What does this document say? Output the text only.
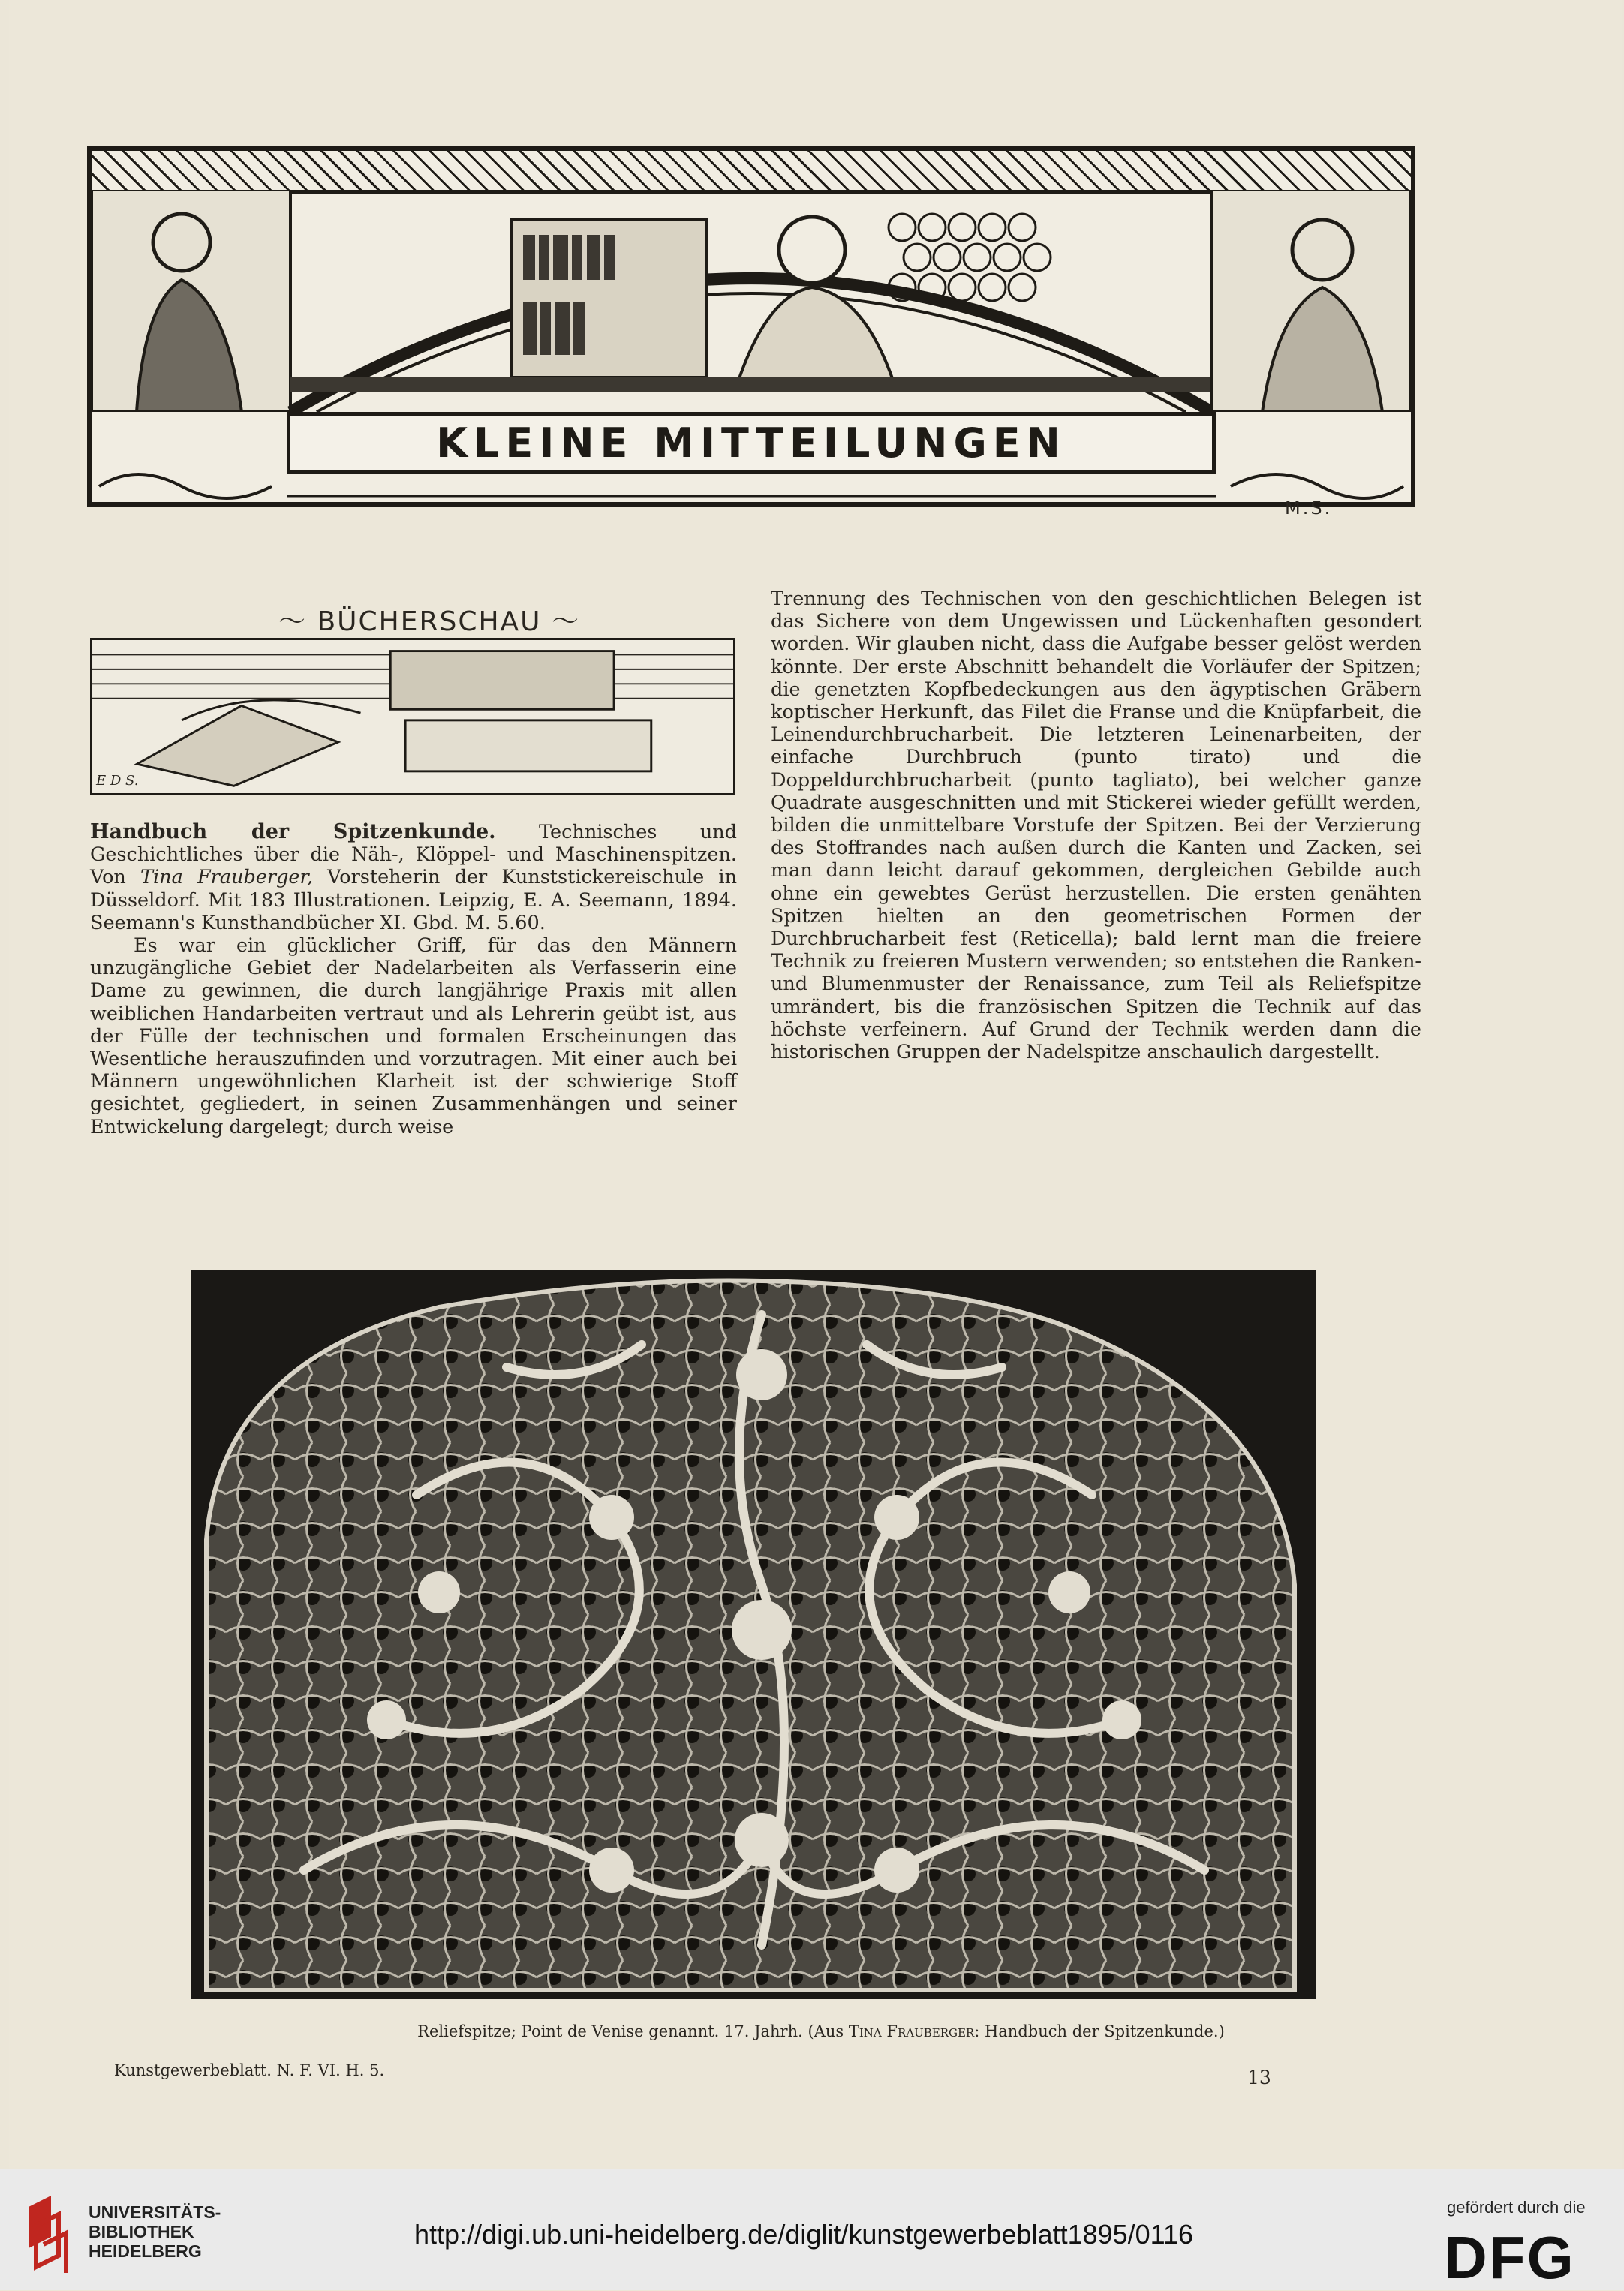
KLEINE MITTEILUNGEN
M.S.
〜 BÜCHERSCHAU 〜
E D S.

Handbuch der Spitzenkunde. Technisches und Geschichtliches über die Näh-, Klöppel- und Maschinenspitzen. Von Tina Frauberger, Vorsteherin der Kunststickereischule in Düsseldorf. Mit 183 Illustrationen. Leipzig, E. A. Seemann, 1894. Seemann's Kunsthandbücher XI. Gbd. M. 5.60.

Es war ein glücklicher Griff, für das den Männern unzugängliche Gebiet der Nadelarbeiten als Verfasserin eine Dame zu gewinnen, die durch langjährige Praxis mit allen weiblichen Handarbeiten vertraut und als Lehrerin geübt ist, aus der Fülle der technischen und formalen Erscheinungen das Wesentliche herauszufinden und vorzutragen. Mit einer auch bei Männern ungewöhnlichen Klarheit ist der schwierige Stoff gesichtet, gegliedert, in seinen Zusammenhängen und seiner Entwickelung dargelegt; durch weise

Trennung des Technischen von den geschichtlichen Belegen ist das Sichere von dem Ungewissen und Lückenhaften gesondert worden. Wir glauben nicht, dass die Aufgabe besser gelöst werden könnte. Der erste Abschnitt behandelt die Vorläufer der Spitzen; die genetzten Kopfbedeckungen aus den ägyptischen Gräbern koptischer Herkunft, das Filet die Franse und die Knüpfarbeit, die Leinendurchbrucharbeit. Die letzteren Leinenarbeiten, der einfache Durchbruch (punto tirato) und die Doppeldurchbrucharbeit (punto tagliato), bei welcher ganze Quadrate ausgeschnitten und mit Stickerei wieder gefüllt werden, bilden die unmittelbare Vorstufe der Spitzen. Bei der Verzierung des Stoffrandes nach außen durch die Kanten und Zacken, sei man dann leicht darauf gekommen, dergleichen Gebilde auch ohne ein gewebtes Gerüst herzustellen. Die ersten genähten Spitzen hielten an den geometrischen Formen der Durchbrucharbeit fest (Reticella); bald lernt man die freiere Technik zu freieren Mustern verwenden; so entstehen die Ranken- und Blumenmuster der Renaissance, zum Teil als Reliefspitze umrändert, bis die französischen Spitzen die Technik auf das höchste verfeinern. Auf Grund der Technik werden dann die historischen Gruppen der Nadelspitze anschaulich dargestellt.

Reliefspitze; Point de Venise genannt. 17. Jahrh. (Aus Tina Frauberger: Handbuch der Spitzenkunde.)
Kunstgewerbeblatt. N. F. VI. H. 5.	13
UNIVERSITÄTS-
BIBLIOTHEK
HEIDELBERG
http://digi.ub.uni-heidelberg.de/diglit/kunstgewerbeblatt1895/0116
gefördert durch die
DFG
